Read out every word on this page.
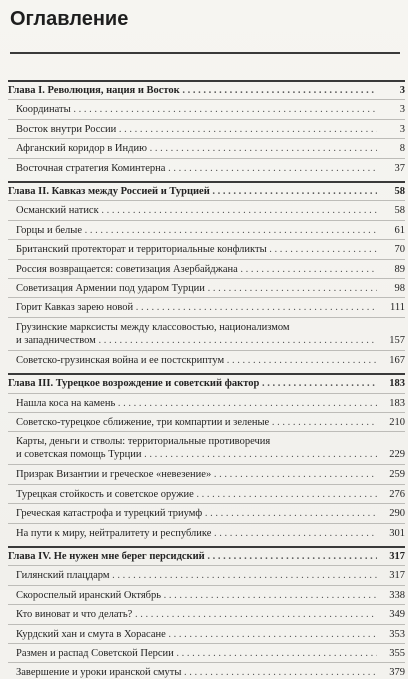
Оглавление
Глава I. Революция, нация и Восток . . .	3
Координаты . . .	3
Восток внутри России . . .	3
Афганский коридор в Индию . . .	8
Восточная стратегия Коминтерна . . .	37
Глава II. Кавказ между Россией и Турцией . . .	58
Османский натиск . . .	58
Горцы и белые . . .	61
Британский протекторат и территориальные конфликты . . .	70
Россия возвращается: советизация Азербайджана . . .	89
Советизация Армении под ударом Турции . . .	98
Горит Кавказ зарею новой . . .	111
Грузинские марксисты между классовостью, национализмом
и западничеством . . .	157
Советско-грузинская война и ее постскриптум . . .	167
Глава III. Турецкое возрождение и советский фактор . . .	183
Нашла коса на камень . . .	183
Советско-турецкое сближение, три компартии и зеленые . . .	210
Карты, деньги и стволы: территориальные противоречия
и советская помощь Турции . . .	229
Призрак Византии и греческое «невезение» . . .	259
Турецкая стойкость и советское оружие . . .	276
Греческая катастрофа и турецкий триумф . . .	290
На пути к миру, нейтралитету и республике . . .	301
Глава IV. Не нужен мне берег персидский . . .	317
Гилянский плацдарм . . .	317
Скороспелый иранский Октябрь . . .	338
Кто виноват и что делать? . . .	349
Курдский хан и смута в Хорасане . . .	353
Размен и распад Советской Персии . . .	355
Завершение и уроки иранской смуты . . .	379
